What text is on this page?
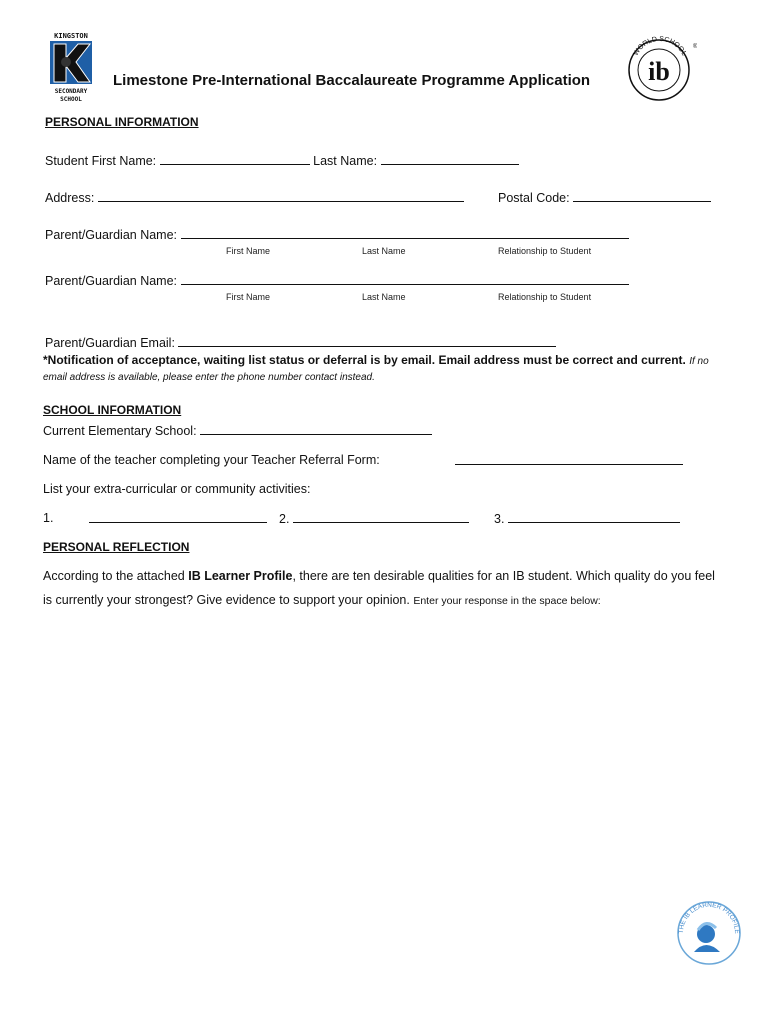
KINGSTON
SECONDARY
SCHOOL
Limestone Pre-International Baccalaureate Programme Application
WORLD SCHOOL
ib
®
PERSONAL INFORMATION
Student First Name:	Last Name:
Address:	Postal Code:
Parent/Guardian Name:
First Name	Last Name	Relationship to Student
Parent/Guardian Name:
First Name	Last Name	Relationship to Student
Parent/Guardian Email:
*Notification of acceptance, waiting list status or deferral is by email. Email address must be correct and current. If no
email address is available, please enter the phone number contact instead.
SCHOOL INFORMATION
Current Elementary School:
Name of the teacher completing your Teacher Referral Form:
List your extra-curricular or community activities:
1.	2.	3.
PERSONAL REFLECTION
According to the attached IB Learner Profile, there are ten desirable qualities for an IB student. Which quality do you feel
is currently your strongest? Give evidence to support your opinion. Enter your response in the space below:
THE IB LEARNER PROFILE
